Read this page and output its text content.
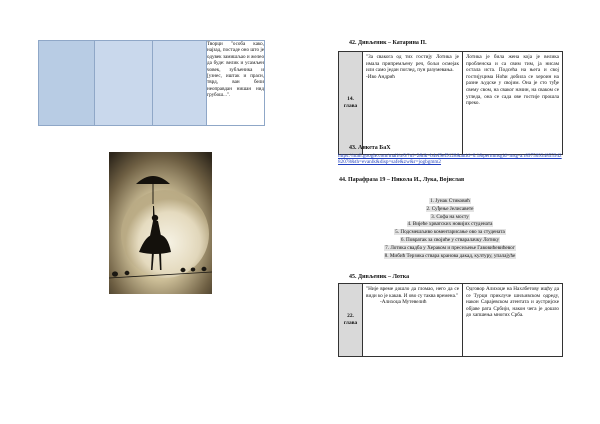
			Творци "особа како, најзад, постаде оно што је одувек замишљао и желео да буде: велик и усамљен човек, зубљеника и [узнес, иштак и прасн, тврд, ван бели неоправдан нишан нид грубош...".
42. Дивљеник – Катарина П.
14. глава	
"За свакога од тих гостију Лотика је имала припремљену реч, бољи осмејак или само један поглед, пун разумевања.
-Иво Андрић
	Лотика је била жена која је велика пробленска и са свим тим, ја нисам остала иста. Подсећа на њега и свој гостијуцима Ноћи добила се хероин на разне људске у својим. Она је сто туђе свему свом, на сваког начин, на сваком се угледа, она се сада ове гостије прошла преко.
43. Анкета БаХ
https://mail.google.com/mail/u/0/?ui=2&ik=b4ef9ef9128&attid=0.1&permmsgid=msg-a:r8975093485594282078&th=evanlk&disp=safe&zw&r=jogbgmm2
44. Парафраза 19 – Никола И., Лука, Војислав
1. Јунак Стиковић
2. Суђење Јелисавете
3. Софа на мосту
4. Вијеће хрватских новијих студената
5. Подсмешљиво коментарисање ово за студената
6. Повратак за својиће у стваралачку Лотику
7. Лотика свадба у Хераком и пресељење Гавовићевићевог
8. Мибић Терзика ствара кранова дакад, културу, упалајуће
45. Дивљеник – Лотка
22. глава	
"Није време дошло да гломао, него да се види ко је какав. И ово су таква времена."
-Алихоџа Мутевелић
	Одговор Алихоџе на Нахлбетову ищћу да се Турци приклуче шнљивском одреду, након Сарајевском атентата и аустријске објаве рата Србији, након чега је дошло до хапшења многих Срба.
